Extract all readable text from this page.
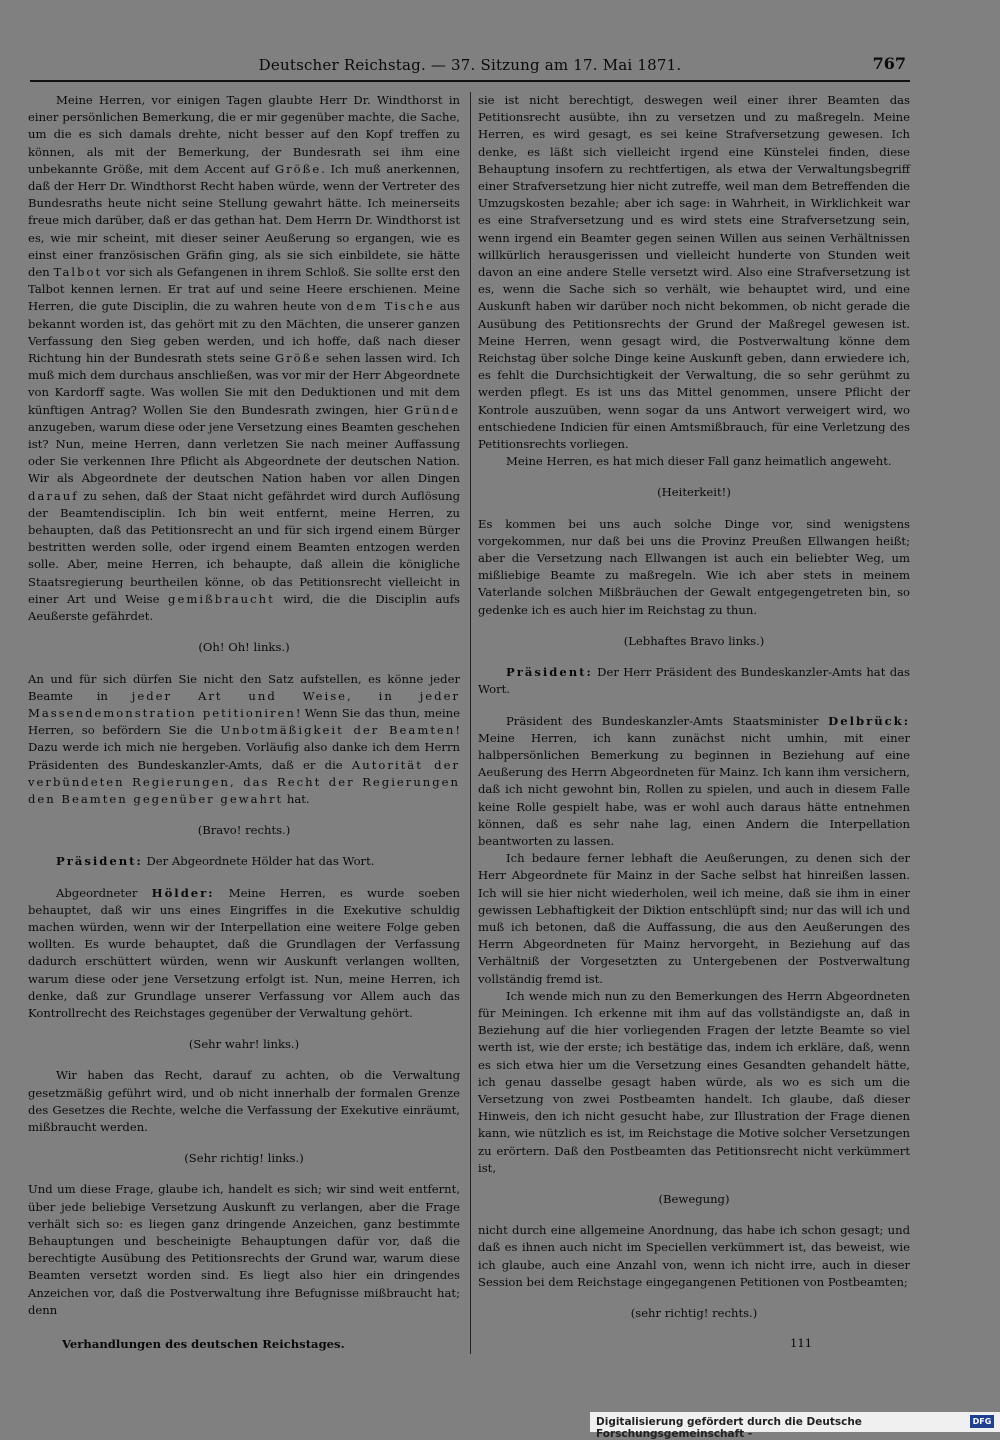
Deutscher Reichstag. — 37. Sitzung am 17. Mai 1871.	767

Meine Herren, vor einigen Tagen glaubte Herr Dr. Windthorst in einer persönlichen Bemerkung, die er mir gegenüber machte, die Sache, um die es sich damals drehte, nicht besser auf den Kopf treffen zu können, als mit der Bemerkung, der Bundesrath sei ihm eine unbekannte Größe, mit dem Accent auf Größe. Ich muß anerkennen, daß der Herr Dr. Windthorst Recht haben würde, wenn der Vertreter des Bundesraths heute nicht seine Stellung gewahrt hätte. Ich meinerseits freue mich darüber, daß er das gethan hat. Dem Herrn Dr. Windthorst ist es, wie mir scheint, mit dieser seiner Aeußerung so ergangen, wie es einst einer französischen Gräfin ging, als sie sich einbildete, sie hätte den Talbot vor sich als Gefangenen in ihrem Schloß. Sie sollte erst den Talbot kennen lernen. Er trat auf und seine Heere erschienen. Meine Herren, die gute Disciplin, die zu wahren heute von dem Tische aus bekannt worden ist, das gehört mit zu den Mächten, die unserer ganzen Verfassung den Sieg geben werden, und ich hoffe, daß nach dieser Richtung hin der Bundesrath stets seine Größe sehen lassen wird. Ich muß mich dem durchaus anschließen, was vor mir der Herr Abgeordnete von Kardorff sagte. Was wollen Sie mit den Deduktionen und mit dem künftigen Antrag? Wollen Sie den Bundesrath zwingen, hier Gründe anzugeben, warum diese oder jene Versetzung eines Beamten geschehen ist? Nun, meine Herren, dann verletzen Sie nach meiner Auffassung oder Sie verkennen Ihre Pflicht als Abgeordnete der deutschen Nation. Wir als Abgeordnete der deutschen Nation haben vor allen Dingen darauf zu sehen, daß der Staat nicht gefährdet wird durch Auflösung der Beamtendisciplin. Ich bin weit entfernt, meine Herren, zu behaupten, daß das Petitionsrecht an und für sich irgend einem Bürger bestritten werden solle, oder irgend einem Beamten entzogen werden solle. Aber, meine Herren, ich behaupte, daß allein die königliche Staatsregierung beurtheilen könne, ob das Petitionsrecht vielleicht in einer Art und Weise gemißbraucht wird, die die Disciplin aufs Aeußerste gefährdet.

(Oh! Oh! links.)

An und für sich dürfen Sie nicht den Satz aufstellen, es könne jeder Beamte in jeder Art und Weise, in jeder Massendemonstration petitioniren! Wenn Sie das thun, meine Herren, so befördern Sie die Unbotmäßigkeit der Beamten! Dazu werde ich mich nie hergeben. Vorläufig also danke ich dem Herrn Präsidenten des Bundeskanzler-Amts, daß er die Autorität der verbündeten Regierungen, das Recht der Regierungen den Beamten gegenüber gewahrt hat.

(Bravo! rechts.)

Präsident: Der Abgeordnete Hölder hat das Wort.

Abgeordneter Hölder: Meine Herren, es wurde soeben behauptet, daß wir uns eines Eingriffes in die Exekutive schuldig machen würden, wenn wir der Interpellation eine weitere Folge geben wollten. Es wurde behauptet, daß die Grundlagen der Verfassung dadurch erschüttert würden, wenn wir Auskunft verlangen wollten, warum diese oder jene Versetzung erfolgt ist. Nun, meine Herren, ich denke, daß zur Grundlage unserer Verfassung vor Allem auch das Kontrollrecht des Reichstages gegenüber der Verwaltung gehört.

(Sehr wahr! links.)

Wir haben das Recht, darauf zu achten, ob die Verwaltung gesetzmäßig geführt wird, und ob nicht innerhalb der formalen Grenze des Gesetzes die Rechte, welche die Verfassung der Exekutive einräumt, mißbraucht werden.

(Sehr richtig! links.)

Und um diese Frage, glaube ich, handelt es sich; wir sind weit entfernt, über jede beliebige Versetzung Auskunft zu verlangen, aber die Frage verhält sich so: es liegen ganz dringende Anzeichen, ganz bestimmte Behauptungen und bescheinigte Behauptungen dafür vor, daß die berechtigte Ausübung des Petitionsrechts der Grund war, warum diese Beamten versetzt worden sind. Es liegt also hier ein dringendes Anzeichen vor, daß die Postverwaltung ihre Befugnisse mißbraucht hat; denn

sie ist nicht berechtigt, deswegen weil einer ihrer Beamten das Petitionsrecht ausübte, ihn zu versetzen und zu maßregeln. Meine Herren, es wird gesagt, es sei keine Strafversetzung gewesen. Ich denke, es läßt sich vielleicht irgend eine Künstelei finden, diese Behauptung insofern zu rechtfertigen, als etwa der Verwaltungsbegriff einer Strafversetzung hier nicht zutreffe, weil man dem Betreffenden die Umzugskosten bezahle; aber ich sage: in Wahrheit, in Wirklichkeit war es eine Strafversetzung und es wird stets eine Strafversetzung sein, wenn irgend ein Beamter gegen seinen Willen aus seinen Verhältnissen willkürlich herausgerissen und vielleicht hunderte von Stunden weit davon an eine andere Stelle versetzt wird. Also eine Strafversetzung ist es, wenn die Sache sich so verhält, wie behauptet wird, und eine Auskunft haben wir darüber noch nicht bekommen, ob nicht gerade die Ausübung des Petitionsrechts der Grund der Maßregel gewesen ist. Meine Herren, wenn gesagt wird, die Postverwaltung könne dem Reichstag über solche Dinge keine Auskunft geben, dann erwiedere ich, es fehlt die Durchsichtigkeit der Verwaltung, die so sehr gerühmt zu werden pflegt. Es ist uns das Mittel genommen, unsere Pflicht der Kontrole auszuüben, wenn sogar da uns Antwort verweigert wird, wo entschiedene Indicien für einen Amtsmißbrauch, für eine Verletzung des Petitionsrechts vorliegen.

Meine Herren, es hat mich dieser Fall ganz heimatlich angeweht.

(Heiterkeit!)

Es kommen bei uns auch solche Dinge vor, sind wenigstens vorgekommen, nur daß bei uns die Provinz Preußen Ellwangen heißt; aber die Versetzung nach Ellwangen ist auch ein beliebter Weg, um mißliebige Beamte zu maßregeln. Wie ich aber stets in meinem Vaterlande solchen Mißbräuchen der Gewalt entgegengetreten bin, so gedenke ich es auch hier im Reichstag zu thun.

(Lebhaftes Bravo links.)

Präsident: Der Herr Präsident des Bundeskanzler-Amts hat das Wort.

Präsident des Bundeskanzler-Amts Staatsminister Delbrück: Meine Herren, ich kann zunächst nicht umhin, mit einer halbpersönlichen Bemerkung zu beginnen in Beziehung auf eine Aeußerung des Herrn Abgeordneten für Mainz. Ich kann ihm versichern, daß ich nicht gewohnt bin, Rollen zu spielen, und auch in diesem Falle keine Rolle gespielt habe, was er wohl auch daraus hätte entnehmen können, daß es sehr nahe lag, einen Andern die Interpellation beantworten zu lassen.

Ich bedaure ferner lebhaft die Aeußerungen, zu denen sich der Herr Abgeordnete für Mainz in der Sache selbst hat hinreißen lassen. Ich will sie hier nicht wiederholen, weil ich meine, daß sie ihm in einer gewissen Lebhaftigkeit der Diktion entschlüpft sind; nur das will ich und muß ich betonen, daß die Auffassung, die aus den Aeußerungen des Herrn Abgeordneten für Mainz hervorgeht, in Beziehung auf das Verhältniß der Vorgesetzten zu Untergebenen der Postverwaltung vollständig fremd ist.

Ich wende mich nun zu den Bemerkungen des Herrn Abgeordneten für Meiningen. Ich erkenne mit ihm auf das vollständigste an, daß in Beziehung auf die hier vorliegenden Fragen der letzte Beamte so viel werth ist, wie der erste; ich bestätige das, indem ich erkläre, daß, wenn es sich etwa hier um die Versetzung eines Gesandten gehandelt hätte, ich genau dasselbe gesagt haben würde, als wo es sich um die Versetzung von zwei Postbeamten handelt. Ich glaube, daß dieser Hinweis, den ich nicht gesucht habe, zur Illustration der Frage dienen kann, wie nützlich es ist, im Reichstage die Motive solcher Versetzungen zu erörtern. Daß den Postbeamten das Petitionsrecht nicht verkümmert ist,

(Bewegung)

nicht durch eine allgemeine Anordnung, das habe ich schon gesagt; und daß es ihnen auch nicht im Speciellen verkümmert ist, das beweist, wie ich glaube, auch eine Anzahl von, wenn ich nicht irre, auch in dieser Session bei dem Reichstage eingegangenen Petitionen von Postbeamten;

(sehr richtig! rechts.)

Verhandlungen des deutschen Reichstages.	111
Digitalisierung gefördert durch die Deutsche Forschungsgemeinschaft -
DFG
